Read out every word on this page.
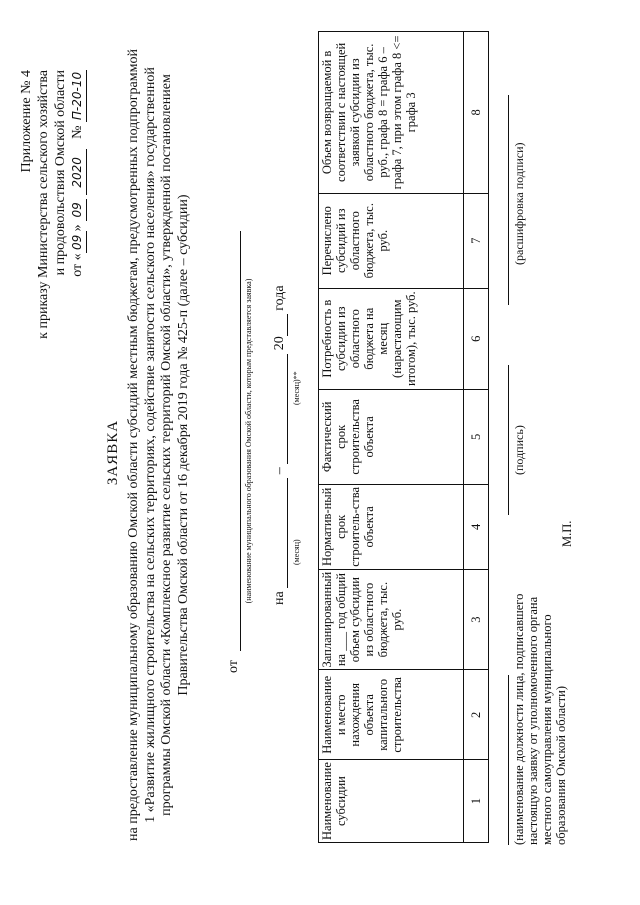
Приложение № 4 к приказу Министерства сельского хозяйства и продовольствия Омской области от «09» 09 2020   № П-20-10
ЗАЯВКА на предоставление муниципальному образованию Омской области субсидий местным бюджетам, предусмотренных подпрограммой 1 «Развитие жилищного строительства на сельских территориях, содействие занятости сельского населения» государственной программы Омской области «Комплексное развитие сельских территорий Омской области», утвержденной постановлением Правительства Омской области от 16 декабря 2019 года № 425-п (далее – субсидии)	от
(наименование муниципального образования Омской области, которым представляется заявка) на  –  20 года
(месяц)
(месяц)**
Наименование субсидии	Наименование и место нахождения объекта капитального строительства	Запланированный на ___ год общий объем субсидии из областного бюджета, тыс. руб.	Норматив-ный срок строитель-ства объекта	Фактический срок строительства объекта	Потребность в субсидии из областного бюджета на месяц (нарастающим итогом), тыс. руб.	Перечислено субсидий из областного бюджета, тыс. руб.	Объем возвращаемой в соответствии с настоящей заявкой субсидии из областного бюджета, тыс. руб., графа 8 = графа 6 – графа 7, при этом графа 8 <= графа 3
1	2	3	4	5	6	7	8
(наименование должности лица, подписавшего настоящую заявку от уполномоченного органа местного самоуправления муниципального образования Омской области)
М.П.
(подпись)
(расшифровка подписи)
